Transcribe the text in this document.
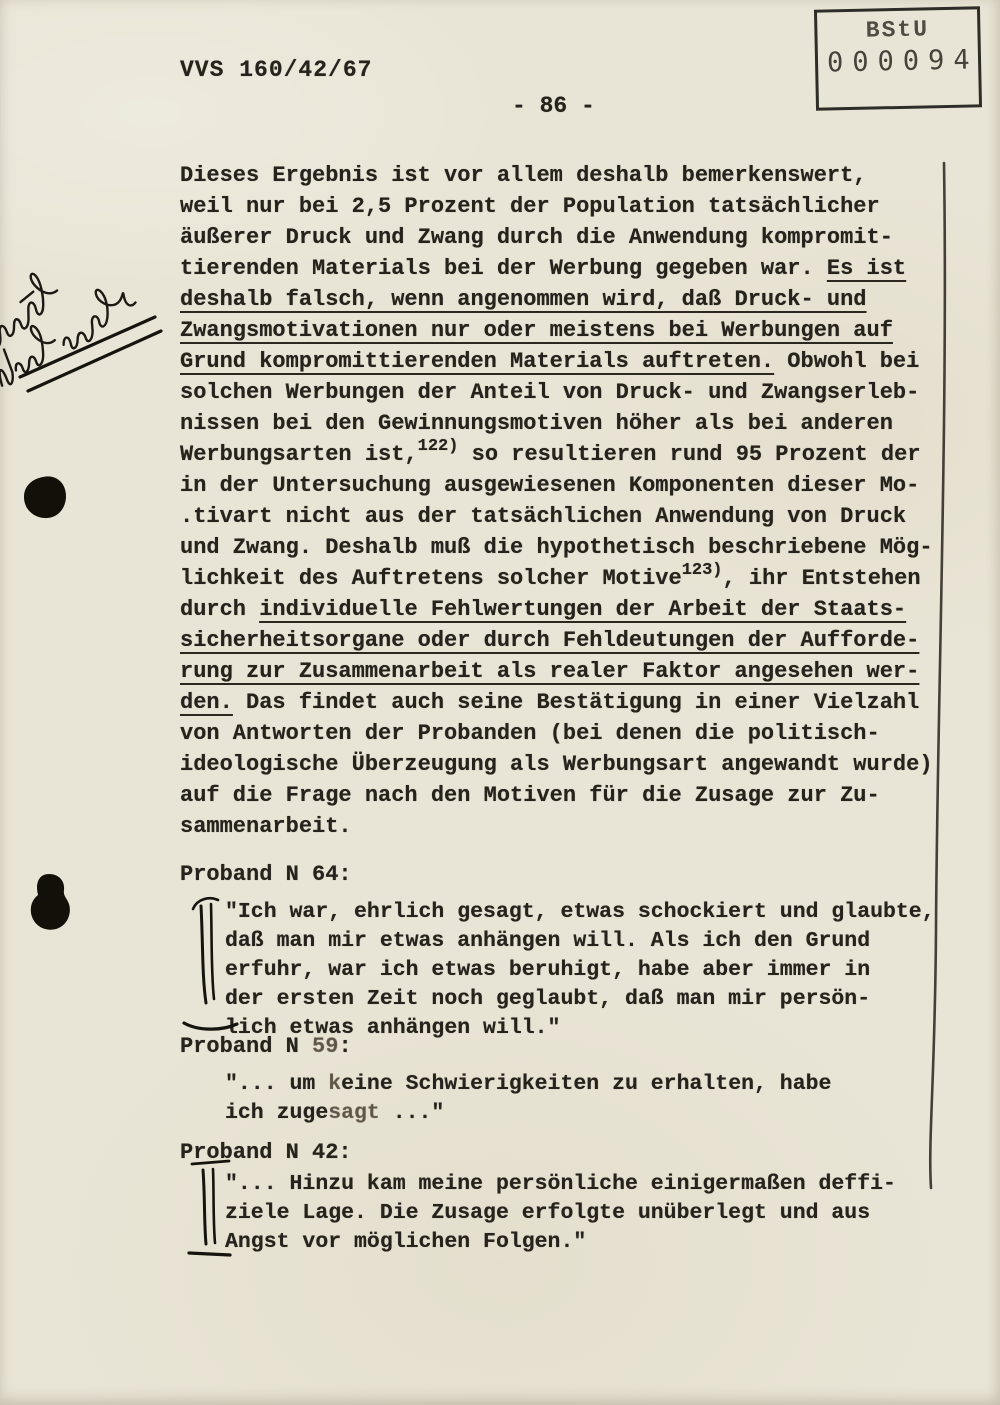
VVS 160/42/67
- 86 -
BStU
000094
Dieses Ergebnis ist vor allem deshalb bemerkenswert,
weil nur bei 2,5 Prozent der Population tatsächlicher
äußerer Druck und Zwang durch die Anwendung kompromit-
tierenden Materials bei der Werbung gegeben war. Es ist
deshalb falsch, wenn angenommen wird, daß Druck- und
Zwangsmotivationen nur oder meistens bei Werbungen auf
Grund kompromittierenden Materials auftreten. Obwohl bei
solchen Werbungen der Anteil von Druck- und Zwangserleb-
nissen bei den Gewinnungsmotiven höher als bei anderen
Werbungsarten ist,$^{122)}$ so resultieren rund 95 Prozent der
in der Untersuchung ausgewiesenen Komponenten dieser Mo-
.tivart nicht aus der tatsächlichen Anwendung von Druck
und Zwang. Deshalb muß die hypothetisch beschriebene Mög-
lichkeit des Auftretens solcher Motive$^{123)}$, ihr Entstehen
durch individuelle Fehlwertungen der Arbeit der Staats-
sicherheitsorgane oder durch Fehldeutungen der Aufforde-
rung zur Zusammenarbeit als realer Faktor angesehen wer-
den. Das findet auch seine Bestätigung in einer Vielzahl
von Antworten der Probanden (bei denen die politisch-
ideologische Überzeugung als Werbungsart angewandt wurde)
auf die Frage nach den Motiven für die Zusage zur Zu-
sammenarbeit.
Proband N 64:
"Ich war, ehrlich gesagt, etwas schockiert und glaubte,
daß man mir etwas anhängen will. Als ich den Grund
erfuhr, war ich etwas beruhigt, habe aber immer in
der ersten Zeit noch geglaubt, daß man mir persön-
lich etwas anhängen will."
Proband N 59:
"... um keine Schwierigkeiten zu erhalten, habe
ich zugesagt ..."
Proband N 42:
"... Hinzu kam meine persönliche einigermaßen deffi-
ziele Lage. Die Zusage erfolgte unüberlegt und aus
Angst vor möglichen Folgen."
